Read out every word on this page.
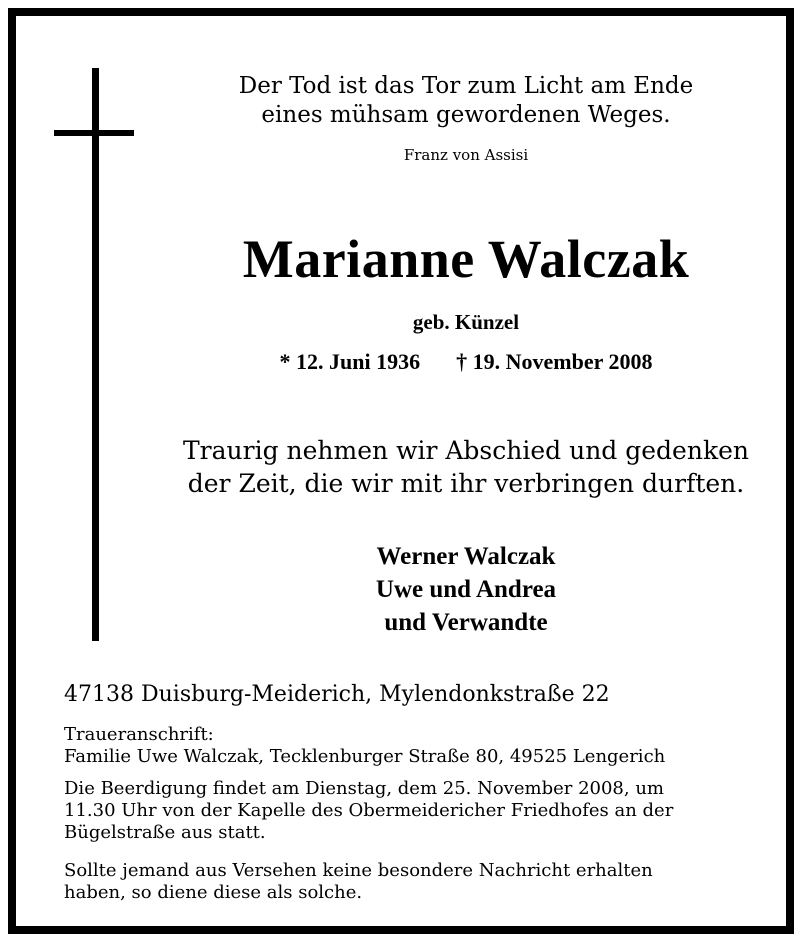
Der Tod ist das Tor zum Licht am Ende
eines mühsam gewordenen Weges.
Franz von Assisi
Marianne Walczak
geb. Künzel
* 12. Juni 1936 † 19. November 2008
Traurig nehmen wir Abschied und gedenken
der Zeit, die wir mit ihr verbringen durften.
Werner Walczak
Uwe und Andrea
und Verwandte
47138 Duisburg-Meiderich, Mylendonkstraße 22
Traueranschrift:
Familie Uwe Walczak, Tecklenburger Straße 80, 49525 Lengerich
Die Beerdigung findet am Dienstag, dem 25. November 2008, um
11.30 Uhr von der Kapelle des Obermeidericher Friedhofes an der
Bügelstraße aus statt.
Sollte jemand aus Versehen keine besondere Nachricht erhalten
haben, so diene diese als solche.
